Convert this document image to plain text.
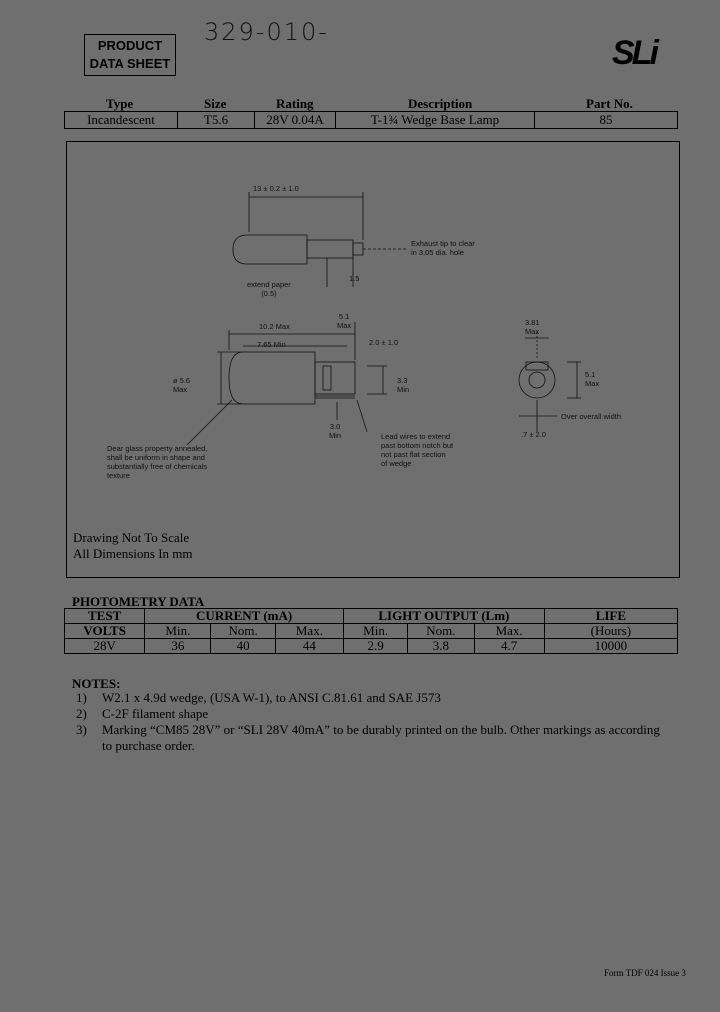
PRODUCT
DATA SHEET
329-010-
SLi
Type	Size	Rating	Description	Part No.
Incandescent	T5.6	28V 0.04A	T-1¾ Wedge Base Lamp	85
13 ± 0.2 ± 1.0
Exhaust tip to clear
in 3.05 dia. hole
1.5
extend paper
(0.5)
10.2 Max
7.65 Min
5.1
Max
2.0 ± 1.0
ø 5.6
Max
3.3
Min
3.0
Min
3.81
Max
5.1
Max
Over overall width
.7 ± 2.0
Dear glass property annealed,
shall be uniform in shape and
substantially free of chemicals
texture
Lead wires to extend
past bottom notch but
not past flat section
of wedge
Drawing Not To Scale
All Dimensions In mm
PHOTOMETRY DATA
TEST	CURRENT (mA)			LIGHT OUTPUT (Lm)			LIFE
VOLTS	Min.	Nom.	Max.	Min.	Nom.	Max.	(Hours)
28V	36	40	44	2.9	3.8	4.7	10000
NOTES:
1)	W2.1 x 4.9d wedge, (USA W-1), to ANSI C.81.61 and SAE J573
2)	C-2F filament shape
3)	Marking “CM85 28V” or “SLI 28V 40mA” to be durably printed on the bulb. Other markings as according to purchase order.
Form TDF 024 Issue 3
